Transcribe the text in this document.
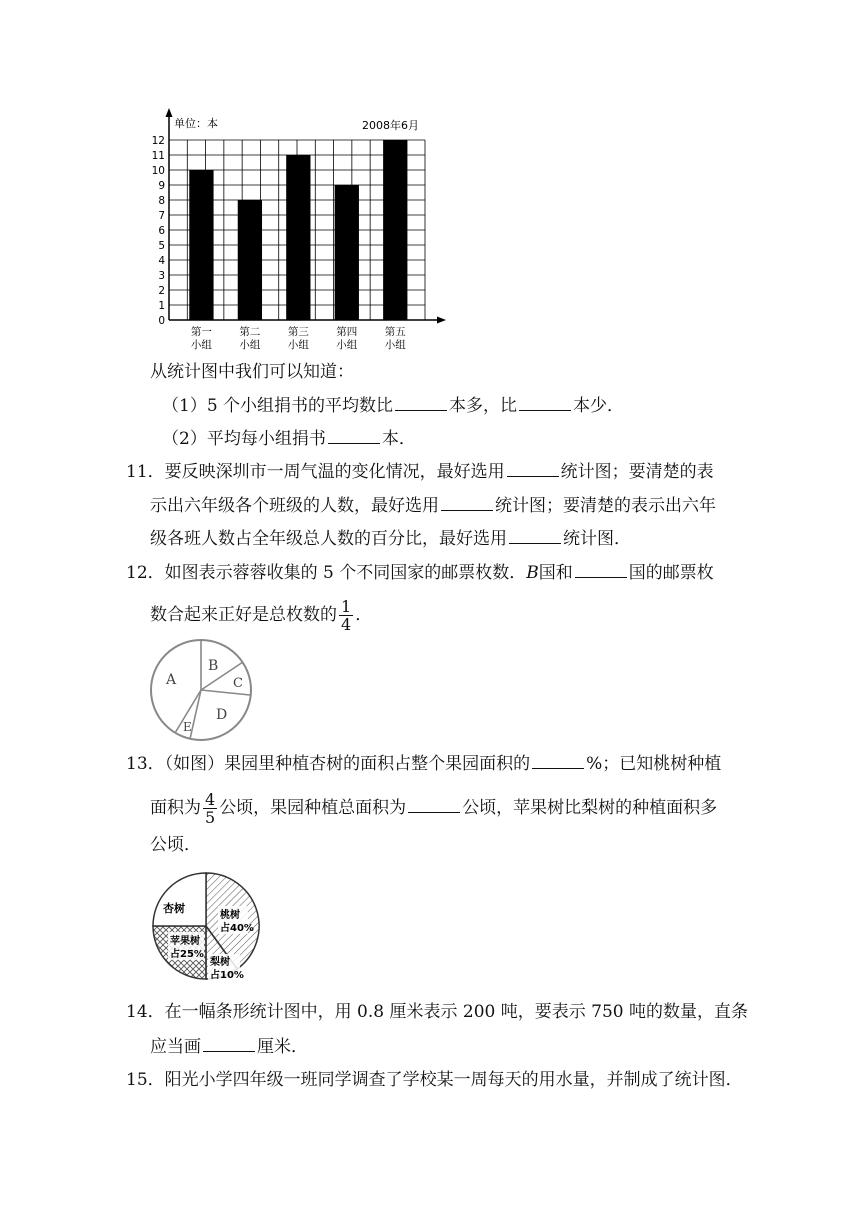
0
1
2
3
4
5
6
7
8
9
10
11
12
第一
小组
第二
小组
第三
小组
第四
小组
第五
小组
单位：本	2008年6月
从统计图中我们可以知道：
（1）5 个小组捐书的平均数比	本多，比	本少．
（2）平均每小组捐书	本．
11．要反映深圳市一周气温的变化情况，最好选用	统计图；要清楚的表
示出六年级各个班级的人数，最好选用	统计图；要清楚的表示出六年
级各班人数占全年级总人数的百分比，最好选用	统计图．
12．如图表示蓉蓉收集的 5 个不同国家的邮票枚数．B国和	国的邮票枚
数合起来正好是总枚数的 $\frac{1}{4}$ ．
A
B
C
D
E
13．（如图）果园里种植杏树的面积占整个果园面积的	%；已知桃树种植
面积为 $\frac{4}{5}$ 公顷，果园种植总面积为	公顷，苹果树比梨树的种植面积多
公顷．
杏树
桃树
占40%
苹果树
占25%
梨树
占10%
14．在一幅条形统计图中，用 0.8 厘米表示 200 吨，要表示 750 吨的数量，直条
应当画	厘米．
15．阳光小学四年级一班同学调查了学校某一周每天的用水量，并制成了统计图．
